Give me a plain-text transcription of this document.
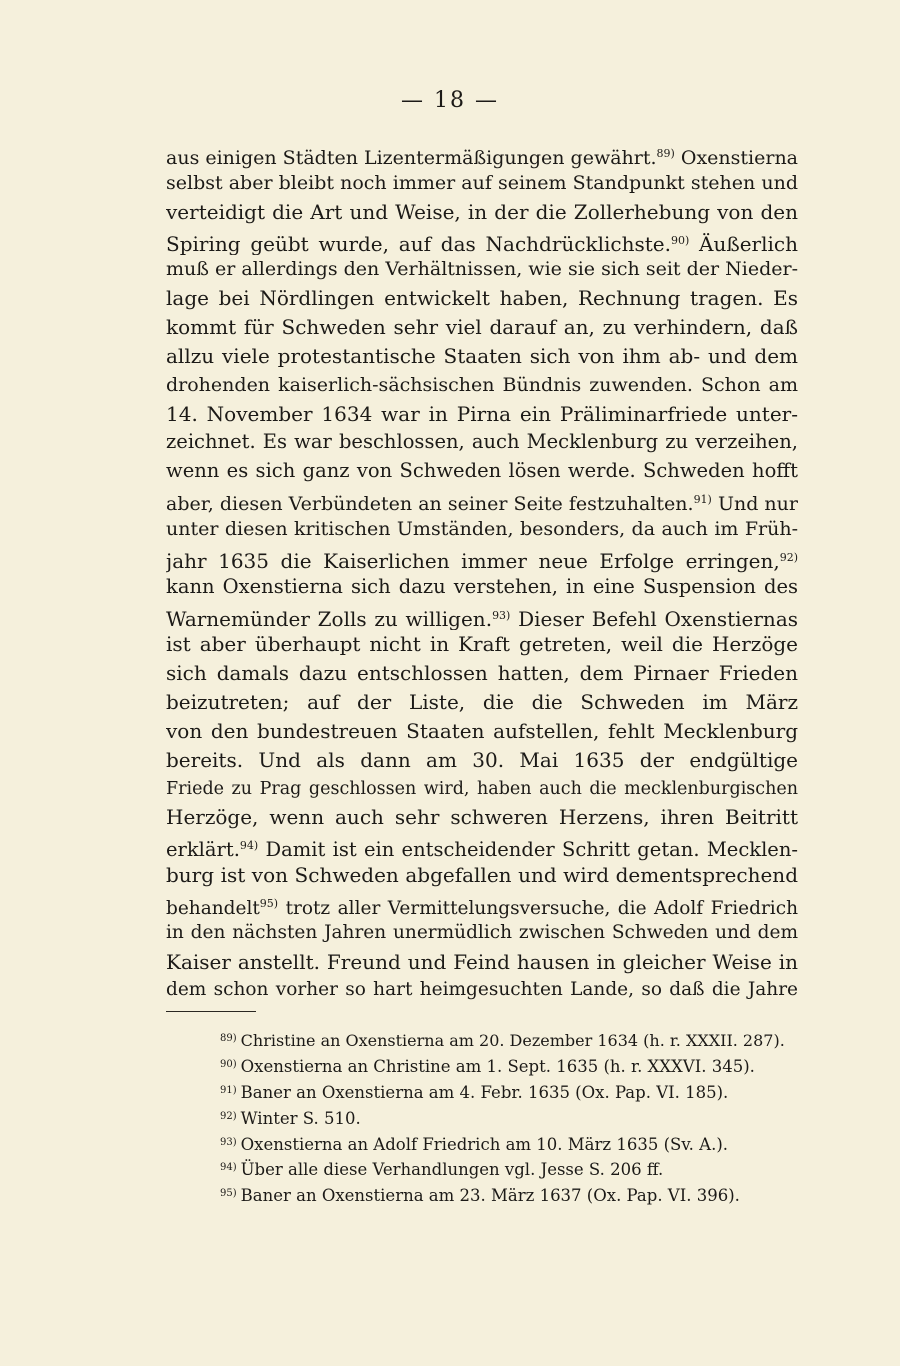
— 18 —
aus einigen Städten Lizentermäßigungen gewährt.$^{89)}$ Oxenstierna
selbst aber bleibt noch immer auf seinem Standpunkt stehen und
verteidigt die Art und Weise, in der die Zollerhebung von den
Spiring geübt wurde, auf das Nachdrücklichste.$^{90)}$ Äußerlich
muß er allerdings den Verhältnissen, wie sie sich seit der Nieder-
lage bei Nördlingen entwickelt haben, Rechnung tragen. Es
kommt für Schweden sehr viel darauf an, zu verhindern, daß
allzu viele protestantische Staaten sich von ihm ab- und dem
drohenden kaiserlich-sächsischen Bündnis zuwenden. Schon am
14. November 1634 war in Pirna ein Präliminarfriede unter-
zeichnet. Es war beschlossen, auch Mecklenburg zu verzeihen,
wenn es sich ganz von Schweden lösen werde. Schweden hofft
aber, diesen Verbündeten an seiner Seite festzuhalten.$^{91)}$ Und nur
unter diesen kritischen Umständen, besonders, da auch im Früh-
jahr 1635 die Kaiserlichen immer neue Erfolge erringen,$^{92)}$
kann Oxenstierna sich dazu verstehen, in eine Suspension des
Warnemünder Zolls zu willigen.$^{93)}$ Dieser Befehl Oxenstiernas
ist aber überhaupt nicht in Kraft getreten, weil die Herzöge
sich damals dazu entschlossen hatten, dem Pirnaer Frieden
beizutreten; auf der Liste, die die Schweden im März
von den bundestreuen Staaten aufstellen, fehlt Mecklenburg
bereits. Und als dann am 30. Mai 1635 der endgültige
Friede zu Prag geschlossen wird, haben auch die mecklenburgischen
Herzöge, wenn auch sehr schweren Herzens, ihren Beitritt
erklärt.$^{94)}$ Damit ist ein entscheidender Schritt getan. Mecklen-
burg ist von Schweden abgefallen und wird dementsprechend
behandelt$^{95)}$ trotz aller Vermittelungsversuche, die Adolf Friedrich
in den nächsten Jahren unermüdlich zwischen Schweden und dem
Kaiser anstellt. Freund und Feind hausen in gleicher Weise in
dem schon vorher so hart heimgesuchten Lande, so daß die Jahre
$^{89)}$ Christine an Oxenstierna am 20. Dezember 1634 (h. r. XXXII. 287).
$^{90)}$ Oxenstierna an Christine am 1. Sept. 1635 (h. r. XXXVI. 345).
$^{91)}$ Baner an Oxenstierna am 4. Febr. 1635 (Ox. Pap. VI. 185).
$^{92)}$ Winter S. 510.
$^{93)}$ Oxenstierna an Adolf Friedrich am 10. März 1635 (Sv. A.).
$^{94)}$ Über alle diese Verhandlungen vgl. Jesse S. 206 ff.
$^{95)}$ Baner an Oxenstierna am 23. März 1637 (Ox. Pap. VI. 396).
